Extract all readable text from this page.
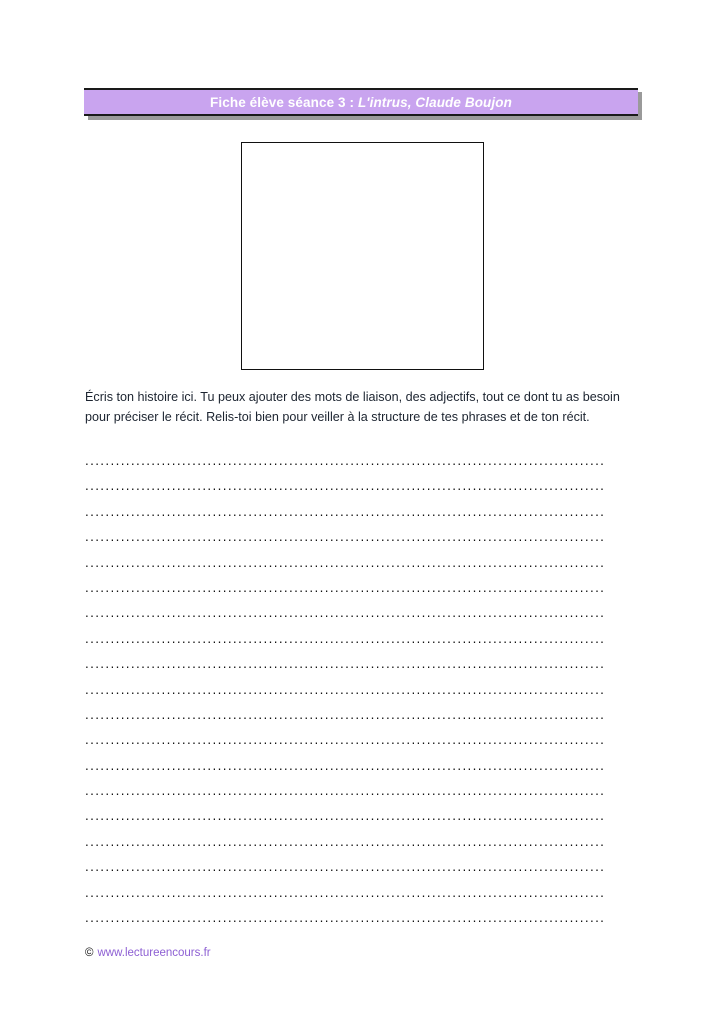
Fiche élève séance 3 : L'intrus, Claude Boujon
Écris ton histoire ici. Tu peux ajouter des mots de liaison, des adjectifs, tout ce dont tu as besoin pour préciser le récit. Relis-toi bien pour veiller à la structure de tes phrases et de ton récit.
......................................................................................................
......................................................................................................
......................................................................................................
......................................................................................................
......................................................................................................
......................................................................................................
......................................................................................................
......................................................................................................
......................................................................................................
......................................................................................................
......................................................................................................
......................................................................................................
......................................................................................................
......................................................................................................
......................................................................................................
......................................................................................................
......................................................................................................
......................................................................................................
......................................................................................................
© www.lectureencours.fr
